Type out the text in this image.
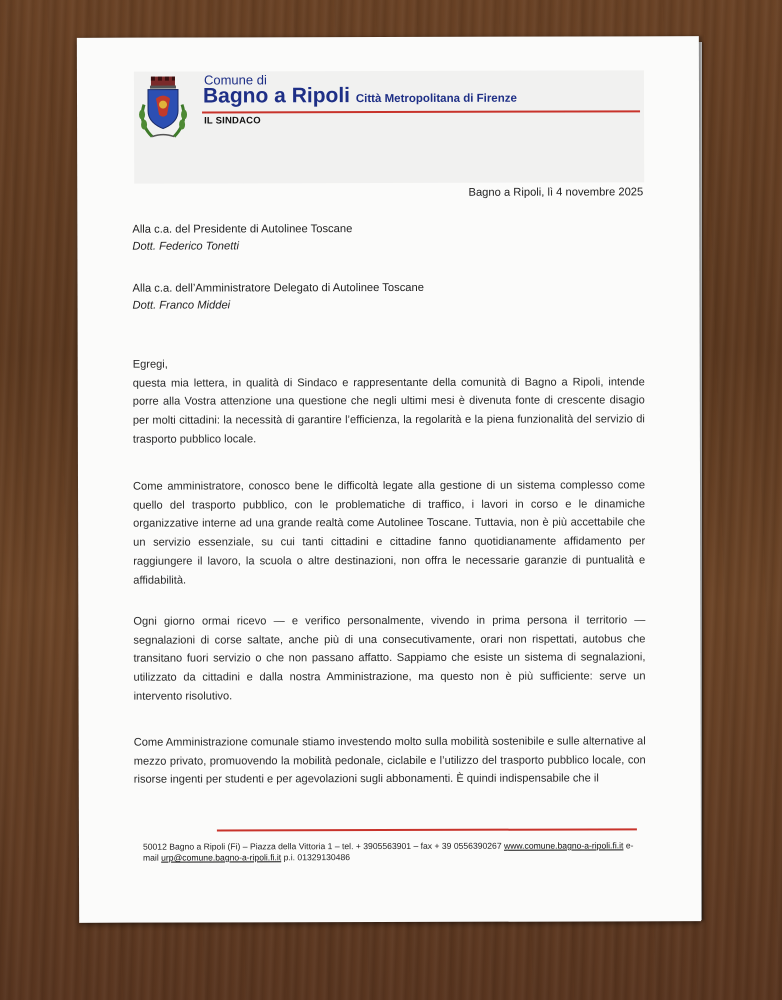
Comune di
Bagno a Ripoli Città Metropolitana di Firenze
IL SINDACO
Bagno a Ripoli, lì 4 novembre 2025
Alla c.a. del Presidente di Autolinee Toscane
Dott. Federico Tonetti
Alla c.a. dell’Amministratore Delegato di Autolinee Toscane
Dott. Franco Middei

Egregi,

questa mia lettera, in qualità di Sindaco e rappresentante della comunità di Bagno a Ripoli, intende porre alla Vostra attenzione una questione che negli ultimi mesi è divenuta fonte di crescente disagio per molti cittadini: la necessità di garantire l’efficienza, la regolarità e la piena funzionalità del servizio di trasporto pubblico locale.

Come amministratore, conosco bene le difficoltà legate alla gestione di un sistema complesso come quello del trasporto pubblico, con le problematiche di traffico, i lavori in corso e le dinamiche organizzative interne ad una grande realtà come Autolinee Toscane. Tuttavia, non è più accettabile che un servizio essenziale, su cui tanti cittadini e cittadine fanno quotidianamente affidamento per raggiungere il lavoro, la scuola o altre destinazioni, non offra le necessarie garanzie di puntualità e affidabilità.
Ogni giorno ormai ricevo — e verifico personalmente, vivendo in prima persona il territorio — segnalazioni di corse saltate, anche più di una consecutivamente, orari non rispettati, autobus che transitano fuori servizio o che non passano affatto. Sappiamo che esiste un sistema di segnalazioni, utilizzato da cittadini e dalla nostra Amministrazione, ma questo non è più sufficiente: serve un intervento risolutivo.
Come Amministrazione comunale stiamo investendo molto sulla mobilità sostenibile e sulle alternative al mezzo privato, promuovendo la mobilità pedonale, ciclabile e l’utilizzo del trasporto pubblico locale, con risorse ingenti per studenti e per agevolazioni sugli abbonamenti. È quindi indispensabile che il
50012 Bagno a Ripoli (Fi) – Piazza della Vittoria 1 – tel. + 3905563901 – fax + 39 0556390267 www.comune.bagno-a-ripoli.fi.it e-mail urp@comune.bagno-a-ripoli.fi.it p.i. 01329130486
